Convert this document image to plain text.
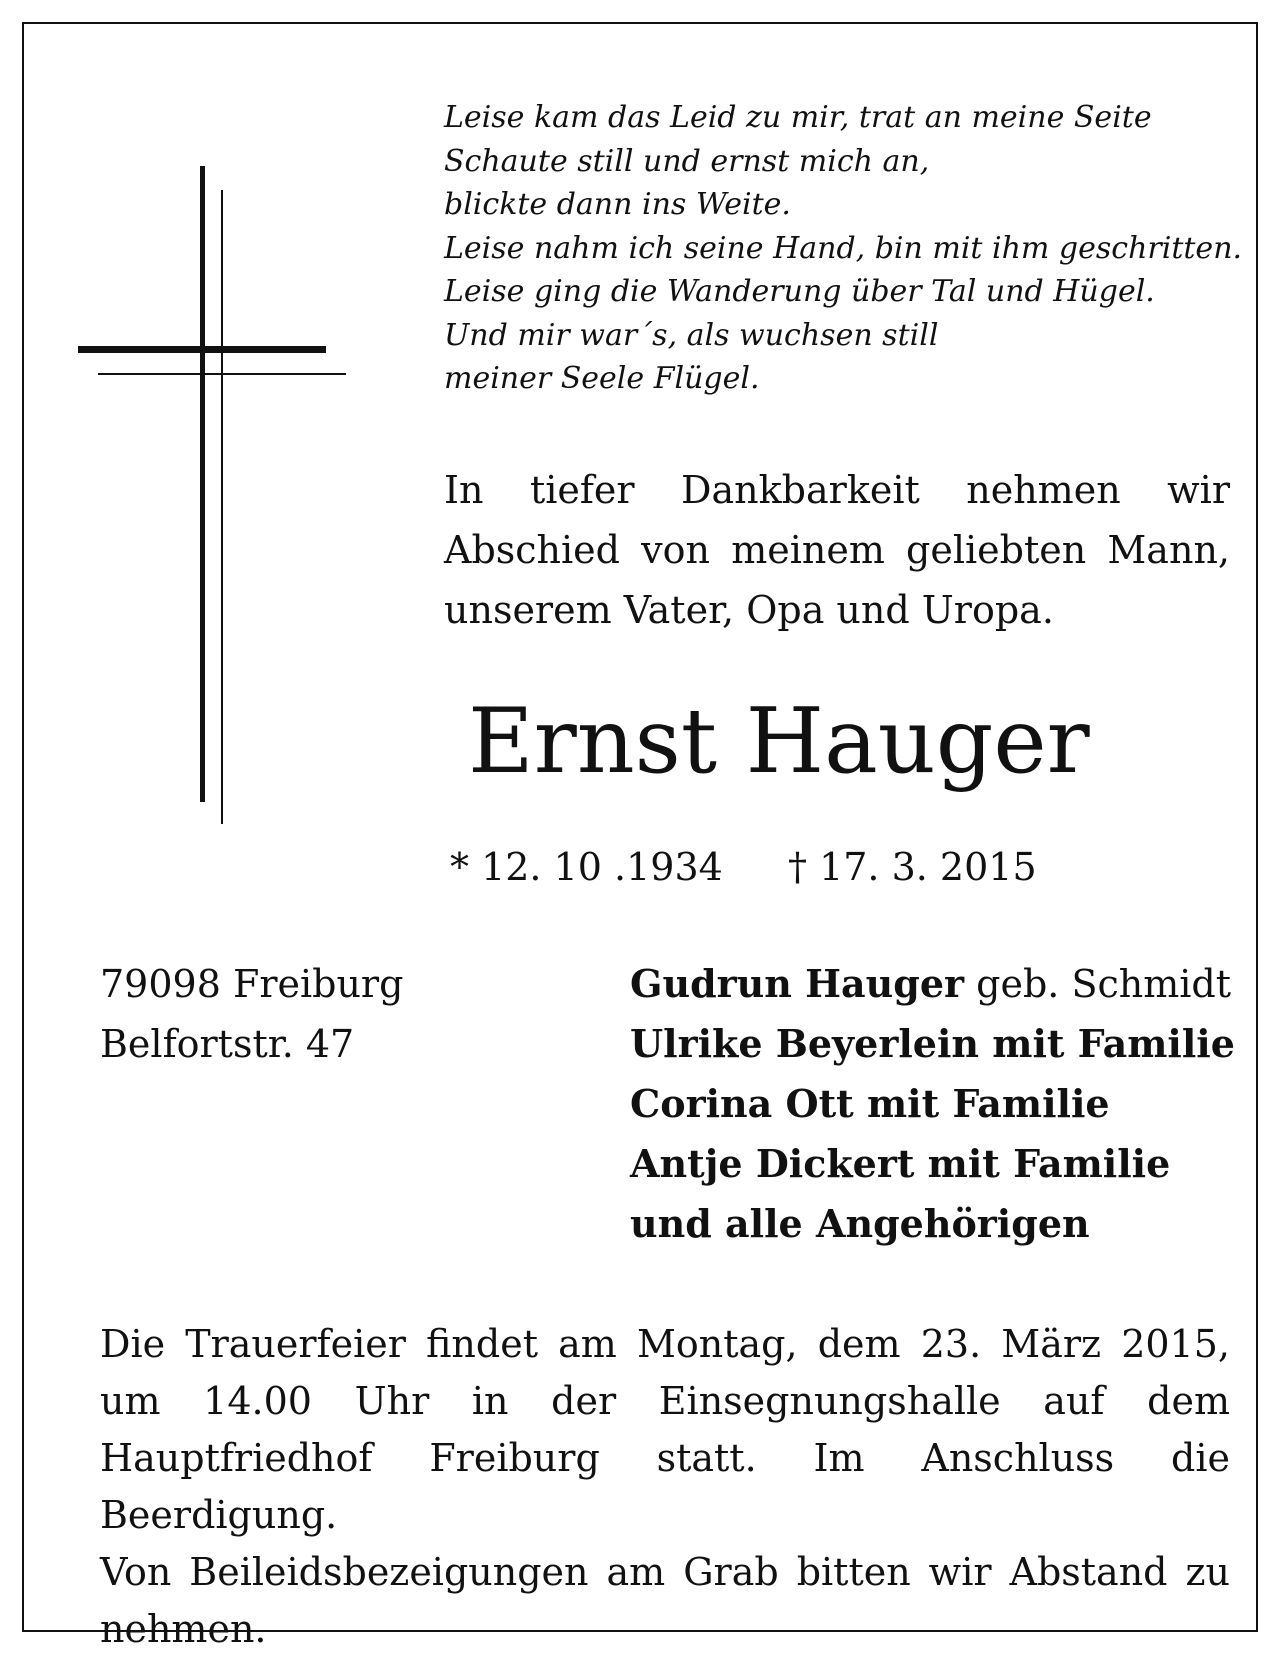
Leise kam das Leid zu mir, trat an meine Seite
Schaute still und ernst mich an,
blickte dann ins Weite.
Leise nahm ich seine Hand, bin mit ihm geschritten.
Leise ging die Wanderung über Tal und Hügel.
Und mir war´s, als wuchsen still
meiner Seele Flügel.

In tiefer Dankbarkeit nehmen wir Abschied von meinem geliebten Mann, unserem Vater, Opa und Uropa.

Ernst Hauger
* 12. 10 .1934 † 17. 3. 2015
79098 Freiburg
Belfortstr. 47
Gudrun Hauger geb. Schmidt
Ulrike Beyerlein mit Familie
Corina Ott mit Familie
Antje Dickert mit Familie
und alle Angehörigen
Die Trauerfeier findet am Montag, dem 23. März 2015, um 14.00 Uhr in der Einsegnungshalle auf dem Hauptfriedhof Freiburg statt. Im Anschluss die Beerdigung.
Von Beileidsbezeigungen am Grab bitten wir Abstand zu nehmen.
